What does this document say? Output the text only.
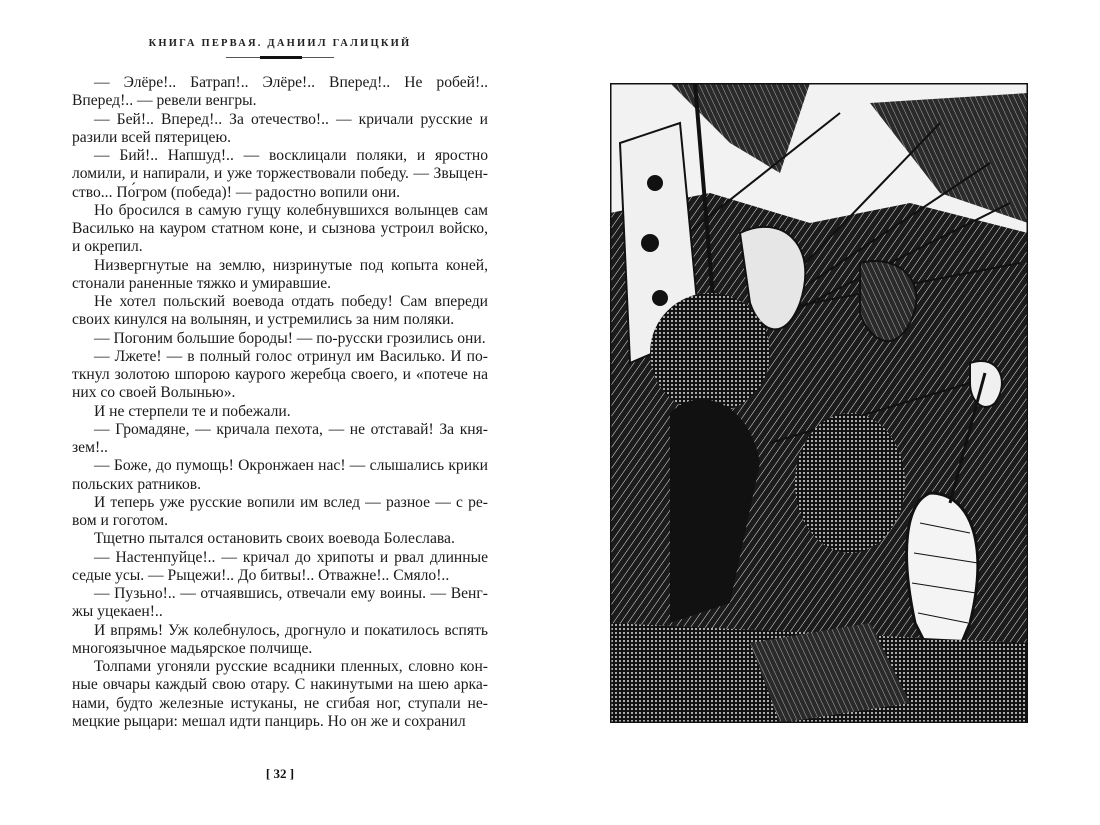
КНИГА ПЕРВАЯ. ДАНИИЛ ГАЛИЦКИЙ

— Элёре!.. Батрап!.. Элёре!.. Вперед!.. Не робей!.. Вперед!.. — ревели венгры.

— Бей!.. Вперед!.. За отечество!.. — кричали русские и разили всей пятерицею.

— Бий!.. Напшуд!.. — восклицали поляки, и яростно ломили, и напирали, и уже торжествовали победу. — Звыценство... По́гром (победа)! — радостно вопили они.

Но бросился в самую гущу колебнувшихся волынцев сам Василько на кауром статном коне, и сызнова устроил войско, и окрепил.

Низвергнутые на землю, низринутые под копыта коней, стонали раненные тяжко и умиравшие.

Не хотел польский воевода отдать победу! Сам впереди своих кинулся на волынян, и устремились за ним поляки.

— Погоним большие бороды! — по-русски грозились они.

— Лжете! — в полный голос отринул им Василько. И поткнул золотою шпорою каурого жеребца своего, и «потече на них со своей Волынью».

И не стерпели те и побежали.

— Громадяне, — кричала пехота, — не отставай! За князем!..

— Боже, до пумощь! Окронжаен нас! — слышались крики польских ратников.

И теперь уже русские вопили им вслед — разное — с ревом и гоготом.

Тщетно пытался остановить своих воевода Болеслава.

— Настенпуйце!.. — кричал до хрипоты и рвал длинные седые усы. — Рыцежи!.. До битвы!.. Отважне!.. Смяло!..

— Пузьно!.. — отчаявшись, отвечали ему воины. — Венгжы уцекаен!..

И впрямь! Уж колебнулось, дрогнуло и покатилось вспять многоязычное мадьярское полчище.

Толпами угоняли русские всадники пленных, словно конные овчары каждый свою отару. С накинутыми на шею арканами, будто железные истуканы, не сгибая ног, ступали немецкие рыцари: мешал идти панцирь. Но он же и сохранил

[ 32 ]
